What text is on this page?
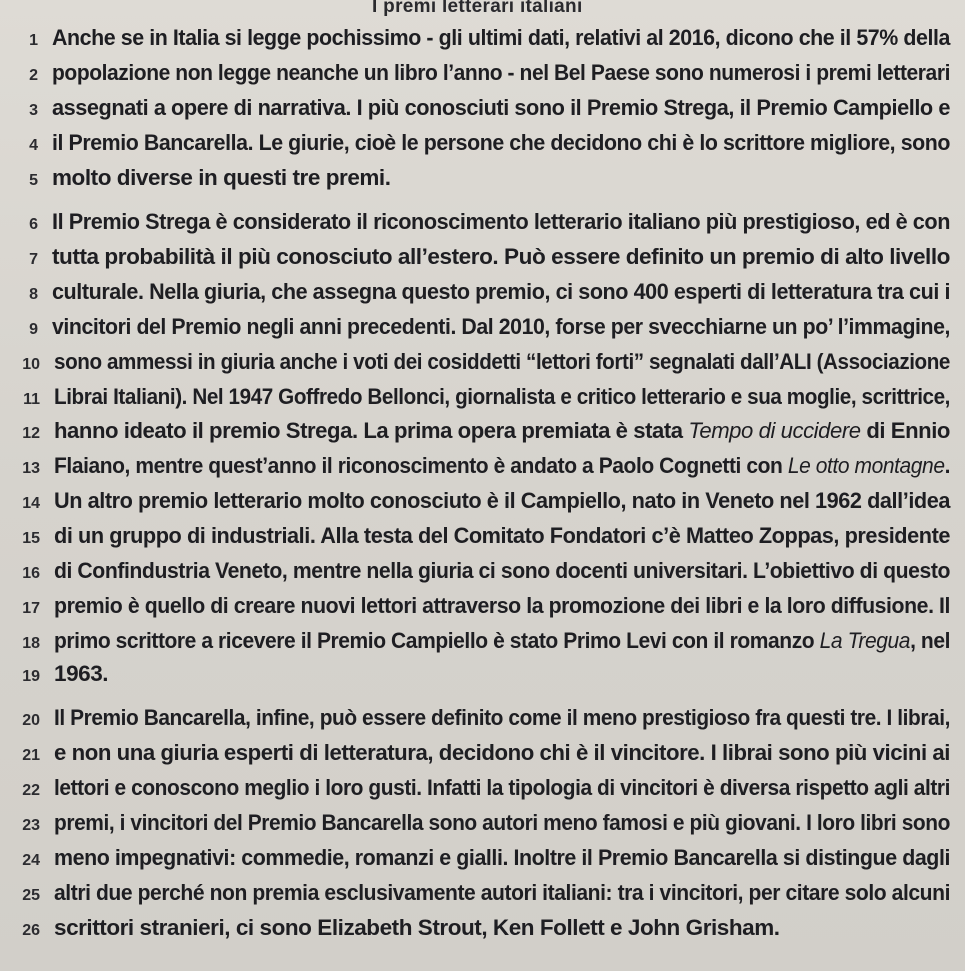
I premi letterari italiani
1 Anche se in Italia si legge pochissimo - gli ultimi dati, relativi al 2016, dicono che il 57% della
2 popolazione non legge neanche un libro l’anno - nel Bel Paese sono numerosi i premi letterari
3 assegnati a opere di narrativa. I più conosciuti sono il Premio Strega, il Premio Campiello e
4 il Premio Bancarella. Le giurie, cioè le persone che decidono chi è lo scrittore migliore, sono
5 molto diverse in questi tre premi.
6 Il Premio Strega è considerato il riconoscimento letterario italiano più prestigioso, ed è con
7 tutta probabilità il più conosciuto all’estero. Può essere definito un premio di alto livello
8 culturale. Nella giuria, che assegna questo premio, ci sono 400 esperti di letteratura tra cui i
9 vincitori del Premio negli anni precedenti. Dal 2010, forse per svecchiarne un po’ l’immagine,
10 sono ammessi in giuria anche i voti dei cosiddetti “lettori forti” segnalati dall’ALI (Associazione
11 Librai Italiani). Nel 1947 Goffredo Bellonci, giornalista e critico letterario e sua moglie, scrittrice,
12 hanno ideato il premio Strega. La prima opera premiata è stata Tempo di uccidere di Ennio
13 Flaiano, mentre quest’anno il riconoscimento è andato a Paolo Cognetti con Le otto montagne.
14 Un altro premio letterario molto conosciuto è il Campiello, nato in Veneto nel 1962 dall’idea
15 di un gruppo di industriali. Alla testa del Comitato Fondatori c’è Matteo Zoppas, presidente
16 di Confindustria Veneto, mentre nella giuria ci sono docenti universitari. L’obiettivo di questo
17 premio è quello di creare nuovi lettori attraverso la promozione dei libri e la loro diffusione. Il
18 primo scrittore a ricevere il Premio Campiello è stato Primo Levi con il romanzo La Tregua, nel
19 1963.
20 Il Premio Bancarella, infine, può essere definito come il meno prestigioso fra questi tre. I librai,
21 e non una giuria esperti di letteratura, decidono chi è il vincitore. I librai sono più vicini ai
22 lettori e conoscono meglio i loro gusti. Infatti la tipologia di vincitori è diversa rispetto agli altri
23 premi, i vincitori del Premio Bancarella sono autori meno famosi e più giovani. I loro libri sono
24 meno impegnativi: commedie, romanzi e gialli. Inoltre il Premio Bancarella si distingue dagli
25 altri due perché non premia esclusivamente autori italiani: tra i vincitori, per citare solo alcuni
26 scrittori stranieri, ci sono Elizabeth Strout, Ken Follett e John Grisham.
